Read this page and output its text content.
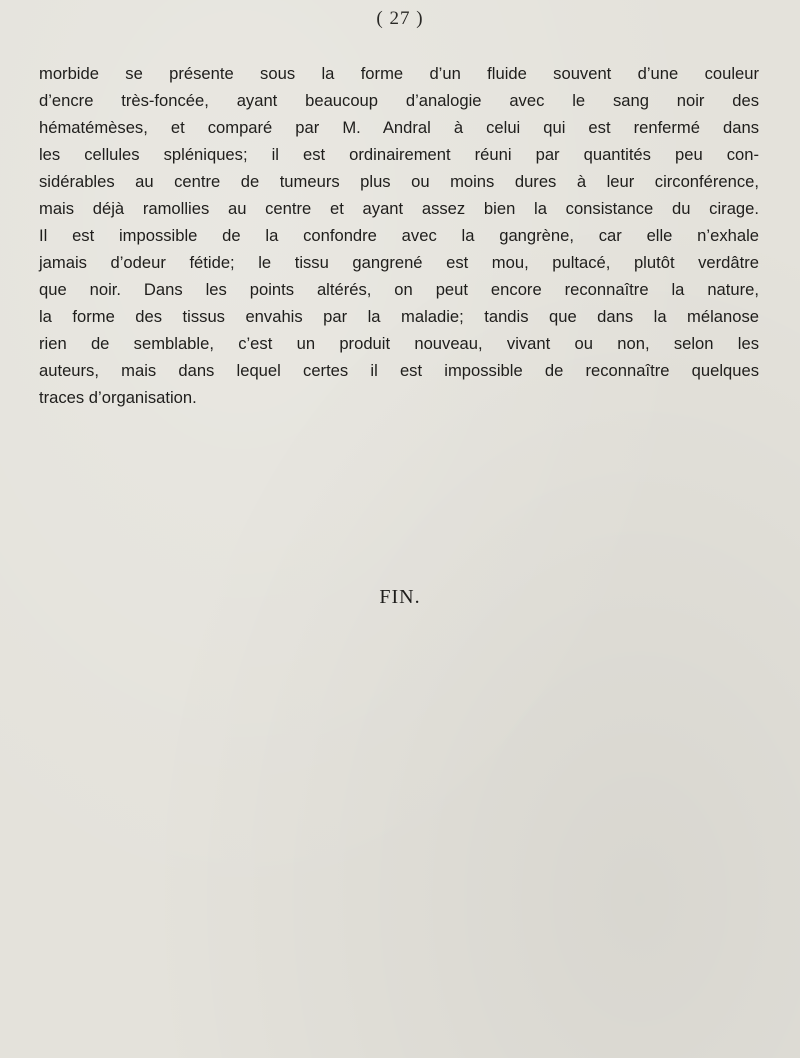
( 27 )
morbide se présente sous la forme d’un fluide souvent d’une couleur
d’encre très-foncée, ayant beaucoup d’analogie avec le sang noir des
hématémèses, et comparé par M. Andral à celui qui est renfermé dans
les cellules spléniques; il est ordinairement réuni par quantités peu con-
sidérables au centre de tumeurs plus ou moins dures à leur circonférence,
mais déjà ramollies au centre et ayant assez bien la consistance du cirage.
Il est impossible de la confondre avec la gangrène, car elle n’exhale
jamais d’odeur fétide; le tissu gangrené est mou, pultacé, plutôt verdâtre
que noir. Dans les points altérés, on peut encore reconnaître la nature,
la forme des tissus envahis par la maladie; tandis que dans la mélanose
rien de semblable, c’est un produit nouveau, vivant ou non, selon les
auteurs, mais dans lequel certes il est impossible de reconnaître quelques
traces d’organisation.
FIN.
